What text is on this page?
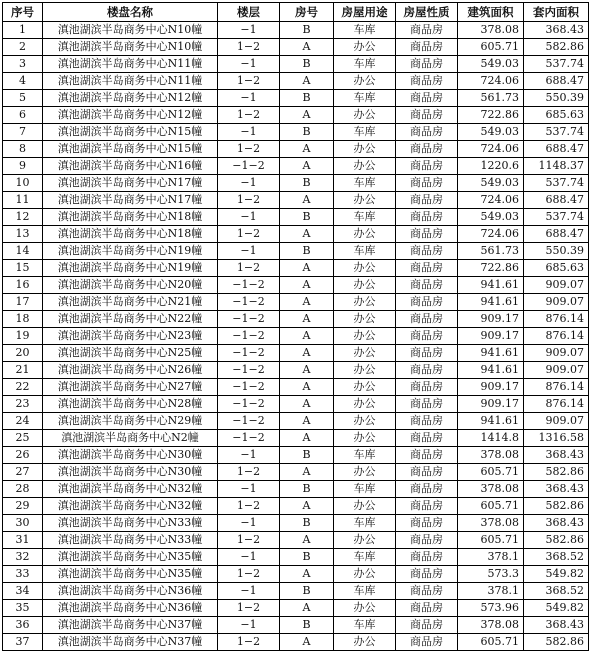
序号	楼盘名称	楼层	房号	房屋用途	房屋性质	建筑面积	套内面积
1	滇池湖滨半岛商务中心N10幢	−1	B	车库	商品房	378.08	368.43
2	滇池湖滨半岛商务中心N10幢	1−2	A	办公	商品房	605.71	582.86
3	滇池湖滨半岛商务中心N11幢	−1	B	车库	商品房	549.03	537.74
4	滇池湖滨半岛商务中心N11幢	1−2	A	办公	商品房	724.06	688.47
5	滇池湖滨半岛商务中心N12幢	−1	B	车库	商品房	561.73	550.39
6	滇池湖滨半岛商务中心N12幢	1−2	A	办公	商品房	722.86	685.63
7	滇池湖滨半岛商务中心N15幢	−1	B	车库	商品房	549.03	537.74
8	滇池湖滨半岛商务中心N15幢	1−2	A	办公	商品房	724.06	688.47
9	滇池湖滨半岛商务中心N16幢	−1−2	A	办公	商品房	1220.6	1148.37
10	滇池湖滨半岛商务中心N17幢	−1	B	车库	商品房	549.03	537.74
11	滇池湖滨半岛商务中心N17幢	1−2	A	办公	商品房	724.06	688.47
12	滇池湖滨半岛商务中心N18幢	−1	B	车库	商品房	549.03	537.74
13	滇池湖滨半岛商务中心N18幢	1−2	A	办公	商品房	724.06	688.47
14	滇池湖滨半岛商务中心N19幢	−1	B	车库	商品房	561.73	550.39
15	滇池湖滨半岛商务中心N19幢	1−2	A	办公	商品房	722.86	685.63
16	滇池湖滨半岛商务中心N20幢	−1−2	A	办公	商品房	941.61	909.07
17	滇池湖滨半岛商务中心N21幢	−1−2	A	办公	商品房	941.61	909.07
18	滇池湖滨半岛商务中心N22幢	−1−2	A	办公	商品房	909.17	876.14
19	滇池湖滨半岛商务中心N23幢	−1−2	A	办公	商品房	909.17	876.14
20	滇池湖滨半岛商务中心N25幢	−1−2	A	办公	商品房	941.61	909.07
21	滇池湖滨半岛商务中心N26幢	−1−2	A	办公	商品房	941.61	909.07
22	滇池湖滨半岛商务中心N27幢	−1−2	A	办公	商品房	909.17	876.14
23	滇池湖滨半岛商务中心N28幢	−1−2	A	办公	商品房	909.17	876.14
24	滇池湖滨半岛商务中心N29幢	−1−2	A	办公	商品房	941.61	909.07
25	滇池湖滨半岛商务中心N2幢	−1−2	A	办公	商品房	1414.8	1316.58
26	滇池湖滨半岛商务中心N30幢	−1	B	车库	商品房	378.08	368.43
27	滇池湖滨半岛商务中心N30幢	1−2	A	办公	商品房	605.71	582.86
28	滇池湖滨半岛商务中心N32幢	−1	B	车库	商品房	378.08	368.43
29	滇池湖滨半岛商务中心N32幢	1−2	A	办公	商品房	605.71	582.86
30	滇池湖滨半岛商务中心N33幢	−1	B	车库	商品房	378.08	368.43
31	滇池湖滨半岛商务中心N33幢	1−2	A	办公	商品房	605.71	582.86
32	滇池湖滨半岛商务中心N35幢	−1	B	车库	商品房	378.1	368.52
33	滇池湖滨半岛商务中心N35幢	1−2	A	办公	商品房	573.3	549.82
34	滇池湖滨半岛商务中心N36幢	−1	B	车库	商品房	378.1	368.52
35	滇池湖滨半岛商务中心N36幢	1−2	A	办公	商品房	573.96	549.82
36	滇池湖滨半岛商务中心N37幢	−1	B	车库	商品房	378.08	368.43
37	滇池湖滨半岛商务中心N37幢	1−2	A	办公	商品房	605.71	582.86
